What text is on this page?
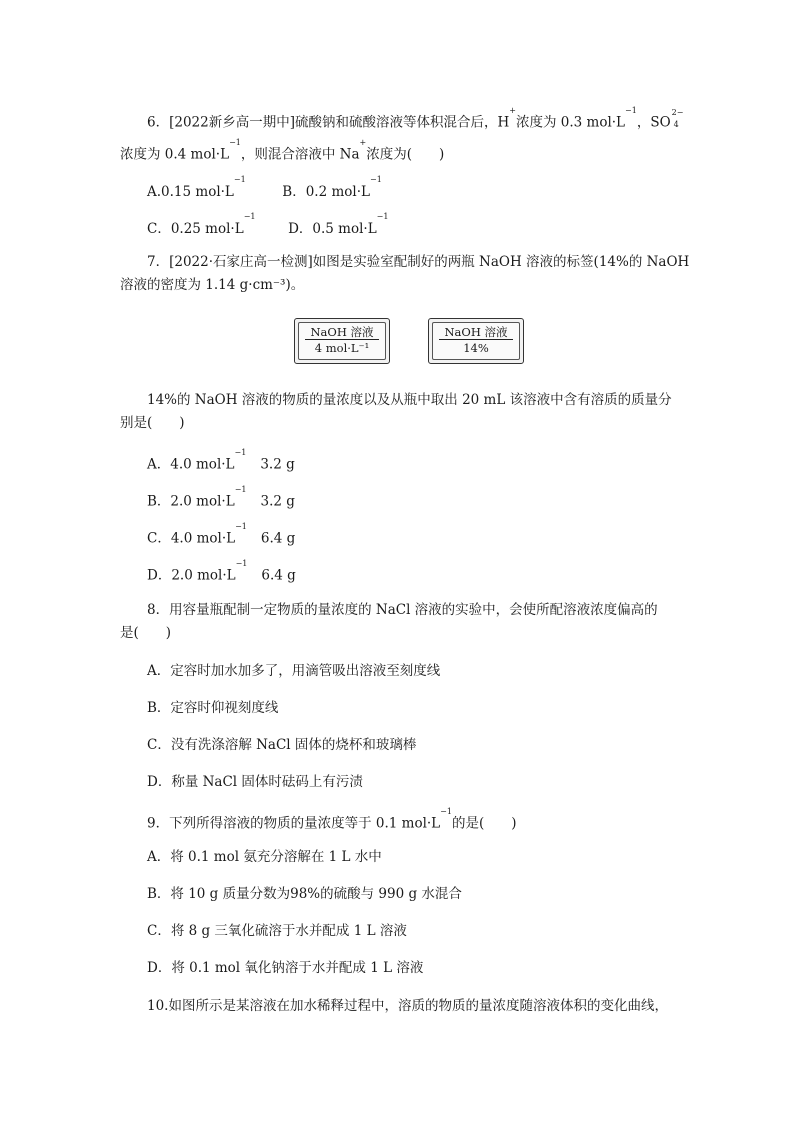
6．[2022新乡高一期中]硫酸钠和硫酸溶液等体积混合后，H+浓度为 0.3 $mol\cdot L^{-1}$，SO
2−
4
浓度为 0.4 $mol\cdot L^{-1}$，则混合溶液中 Na+浓度为(　　)
A.0.15 $mol\cdot L^{-1}$  B．0.2 $mol\cdot L^{-1}$
C．0.25 $mol\cdot L^{-1}$  D．0.5 $mol\cdot L^{-1}$
7．[2022·石家庄高一检测]如图是实验室配制好的两瓶 NaOH 溶液的标签(14%的 NaOH
溶液的密度为 1.14 g·cm⁻³)。
NaOH 溶液
4 mol·L⁻¹
NaOH 溶液
14%
14%的 NaOH 溶液的物质的量浓度以及从瓶中取出 20 mL 该溶液中含有溶质的质量分
别是(　　)
A．4.0 $mol\cdot L^{-1}3.2$ g
B．2.0 $mol\cdot L^{-1}3.2$ g
C．4.0 $mol\cdot L^{-1}6.4$ g
D．2.0 $mol\cdot L^{-1}6.4$ g
8．用容量瓶配制一定物质的量浓度的 NaCl 溶液的实验中，会使所配溶液浓度偏高的
是(　　)
A．定容时加水加多了，用滴管吸出溶液至刻度线
B．定容时仰视刻度线
C．没有洗涤溶解 NaCl 固体的烧杯和玻璃棒
D．称量 NaCl 固体时砝码上有污渍
9．下列所得溶液的物质的量浓度等于 0.1 $mol\cdot L^{-1}$的是(　　)
A．将 0.1 mol 氨充分溶解在 1 L 水中
B．将 10 g 质量分数为98%的硫酸与 990 g 水混合
C．将 8 g 三氧化硫溶于水并配成 1 L 溶液
D．将 0.1 mol 氧化钠溶于水并配成 1 L 溶液
10.如图所示是某溶液在加水稀释过程中，溶质的物质的量浓度随溶液体积的变化曲线，
